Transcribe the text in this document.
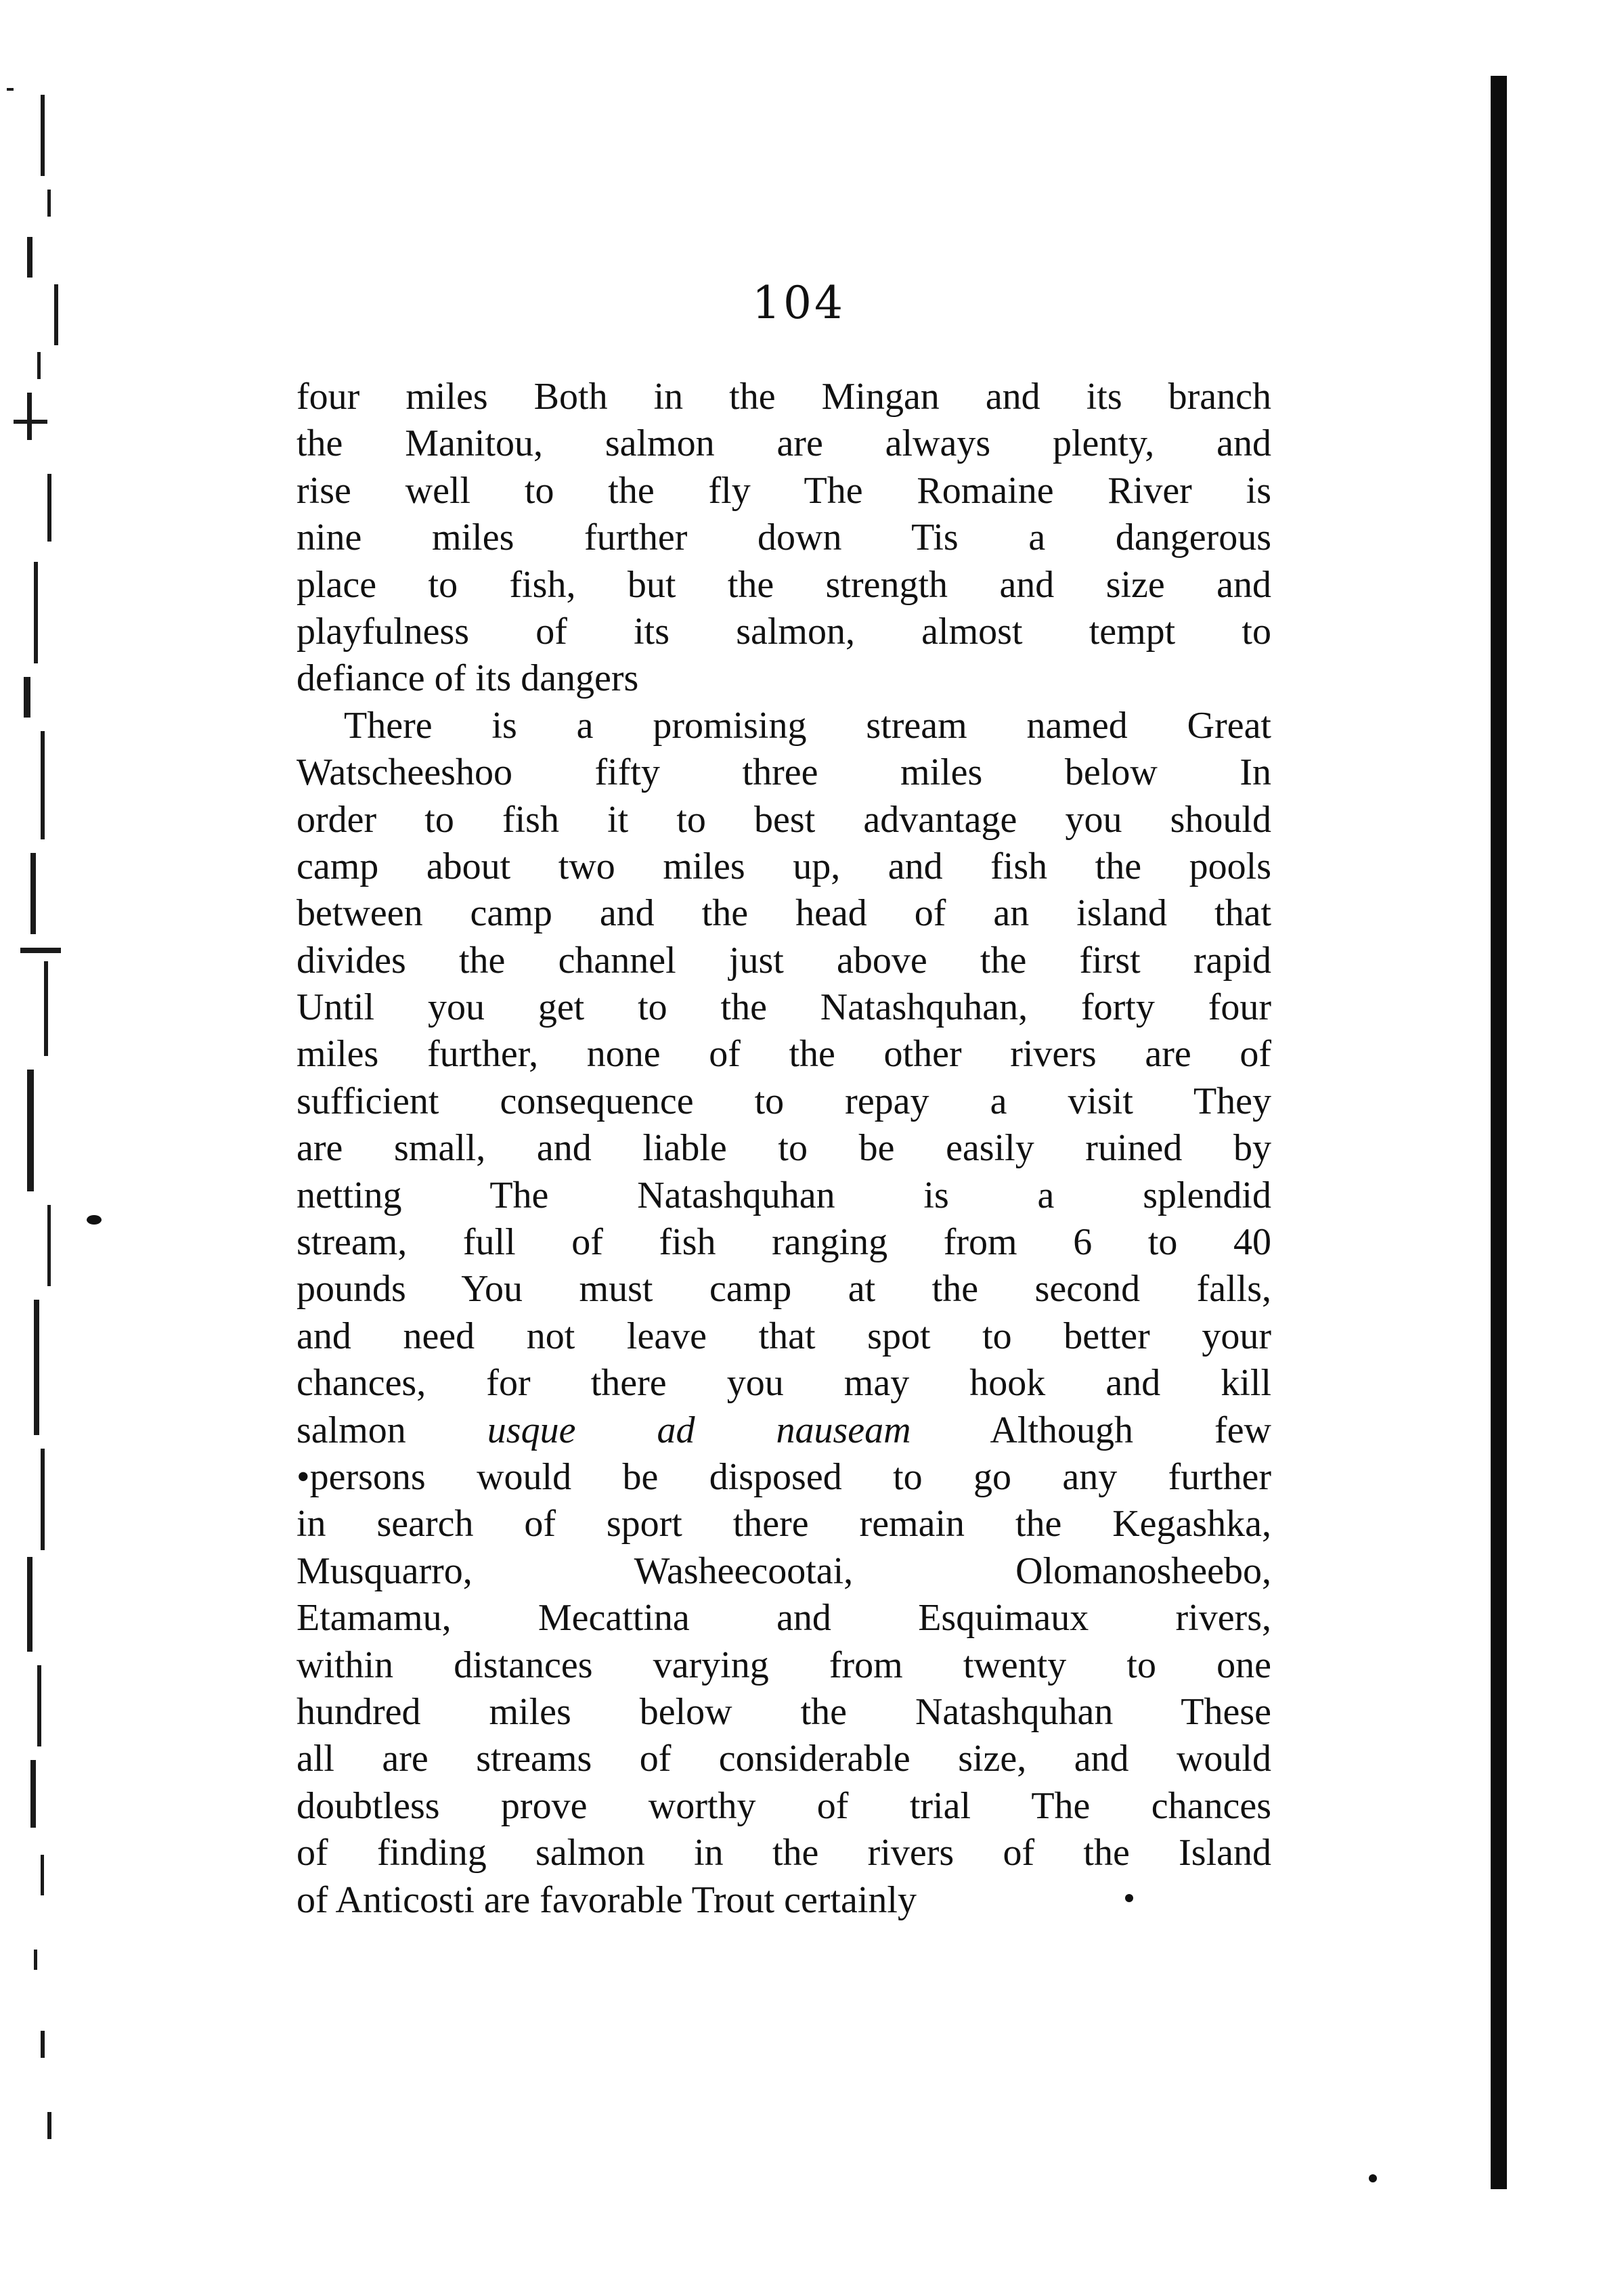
104
four miles Both in the Mingan and its branch
the Manitou, salmon are always plenty, and
rise well to the fly The Romaine River is
nine miles further down Tis a dangerous
place to fish, but the strength and size and
playfulness of its salmon, almost tempt to
defiance of its dangers
There is a promising stream named Great
Watscheeshoo fifty three miles below In
order to fish it to best advantage you should
camp about two miles up, and fish the pools
between camp and the head of an island that
divides the channel just above the first rapid
Until you get to the Natashquhan, forty four
miles further, none of the other rivers are of
sufficient consequence to repay a visit They
are small, and liable to be easily ruined by
netting The Natashquhan is a splendid
stream, full of fish ranging from 6 to 40
pounds You must camp at the second falls,
and need not leave that spot to better your
chances, for there you may hook and kill
salmon usque ad nauseam Although few
•persons would be disposed to go any further
in search of sport there remain the Kegashka,
Musquarro, Washeecootai, Olomanosheebo,
Etamamu, Mecattina and Esquimaux rivers,
within distances varying from twenty to one
hundred miles below the Natashquhan These
all are streams of considerable size, and would
doubtless prove worthy of trial The chances
of finding salmon in the rivers of the Island
of Anticosti are favorable Trout certainly
